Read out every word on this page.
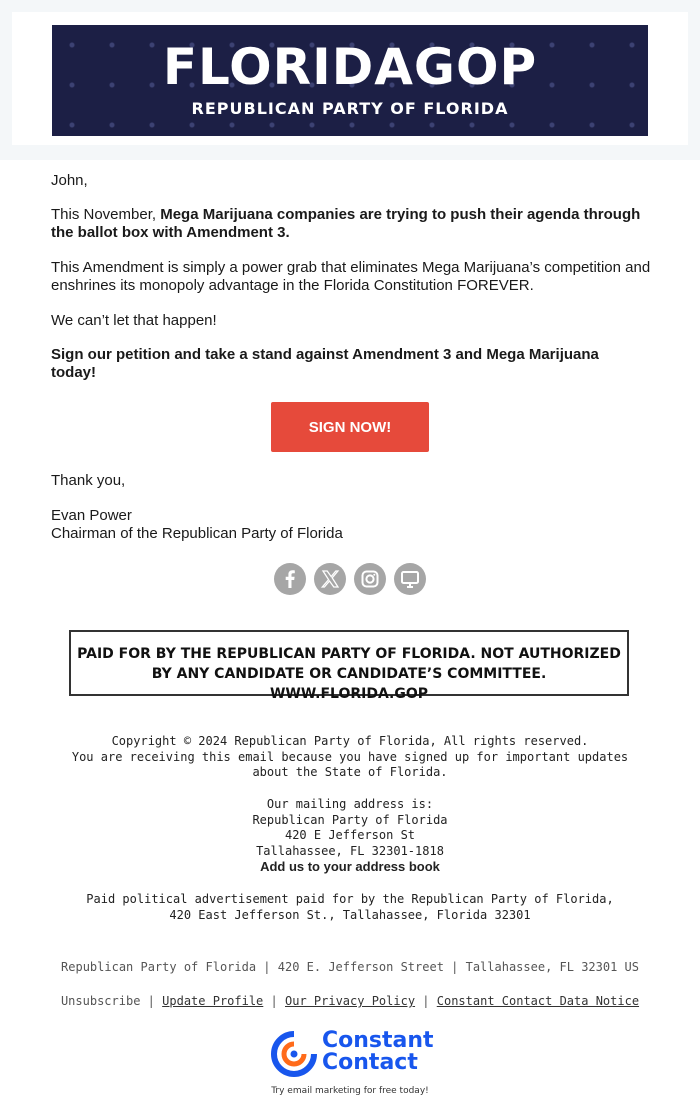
FLORIDAGOP
REPUBLICAN PARTY OF FLORIDA

John,

This November, Mega Marijuana companies are trying to push their agenda through the ballot box with Amendment 3.

This Amendment is simply a power grab that eliminates Mega Marijuana’s competition and enshrines its monopoly advantage in the Florida Constitution FOREVER.

We can’t let that happen!

Sign our petition and take a stand against Amendment 3 and Mega Marijuana today!

SIGN NOW!
Thank you,
Evan Power
Chairman of the Republican Party of Florida
PAID FOR BY THE REPUBLICAN PARTY OF FLORIDA. NOT AUTHORIZED
BY ANY CANDIDATE OR CANDIDATE’S COMMITTEE. WWW.FLORIDA.GOP
Copyright © 2024 Republican Party of Florida, All rights reserved.
You are receiving this email because you have signed up for important updates about the State of Florida.
Our mailing address is:
Republican Party of Florida
420 E Jefferson St
Tallahassee, FL 32301-1818
Add us to your address book
Paid political advertisement paid for by the Republican Party of Florida,
420 East Jefferson St., Tallahassee, Florida 32301
Republican Party of Florida | 420 E. Jefferson Street | Tallahassee, FL 32301 US
Unsubscribe | Update Profile | Our Privacy Policy | Constant Contact Data Notice
Constant
Contact
Try email marketing for free today!
